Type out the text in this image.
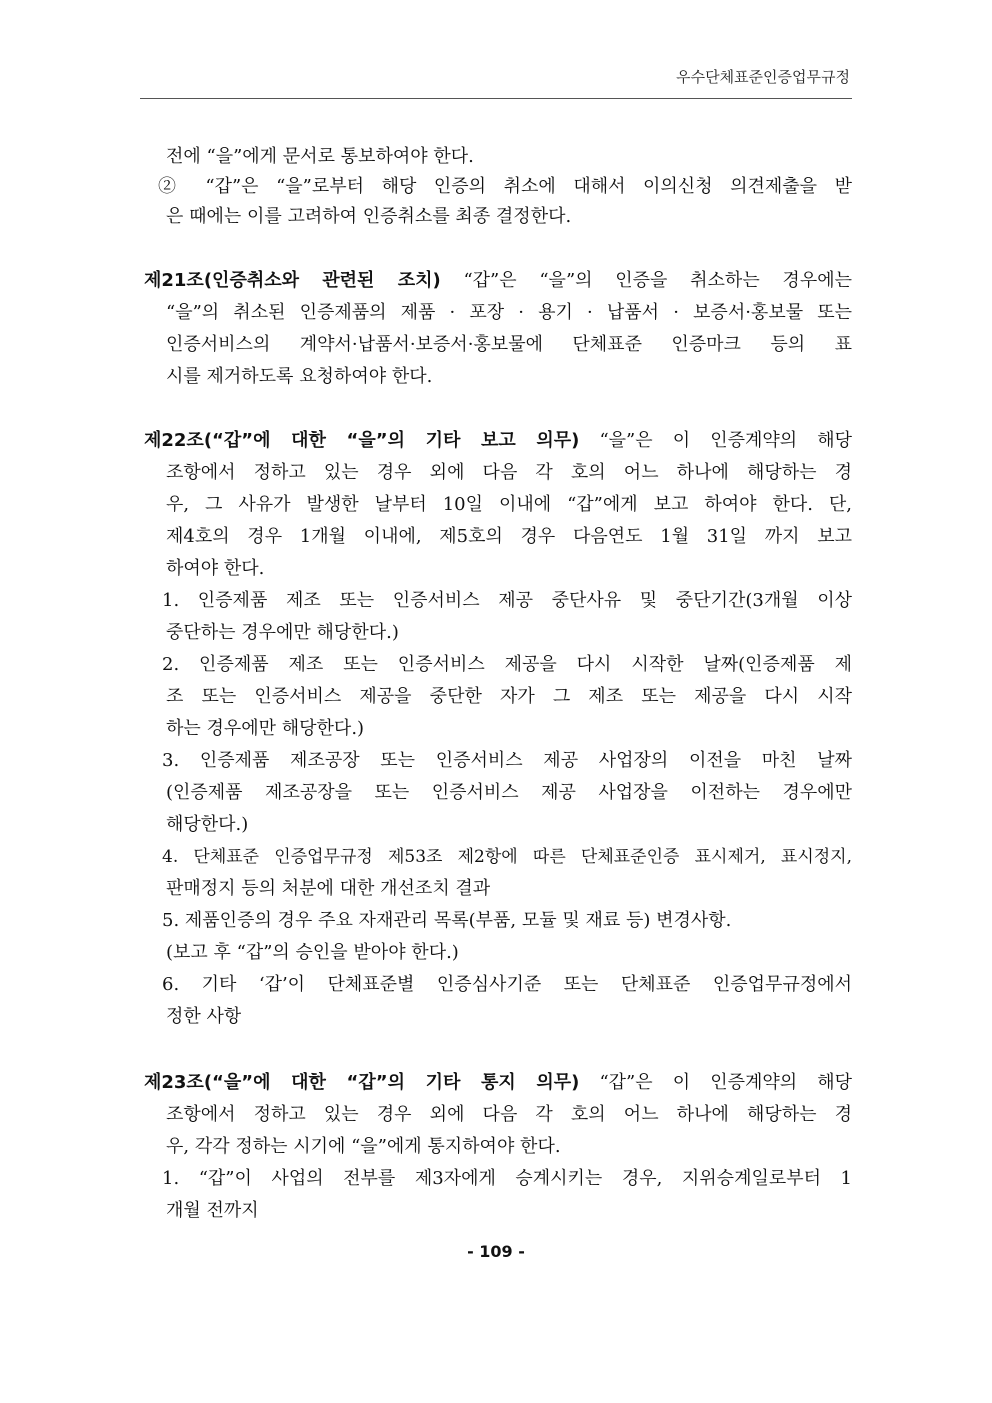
우수단체표준인증업무규정
전에 “을”에게 문서로 통보하여야 한다.
② “갑”은 “을”로부터 해당 인증의 취소에 대해서 이의신청 의견제출을 받
은 때에는 이를 고려하여 인증취소를 최종 결정한다.
제21조(인증취소와 관련된 조치) “갑”은 “을”의 인증을 취소하는 경우에는
“을”의 취소된 인증제품의 제품 · 포장 · 용기 · 납품서 · 보증서·홍보물 또는
인증서비스의 계약서·납품서·보증서·홍보물에 단체표준 인증마크 등의 표
시를 제거하도록 요청하여야 한다.
제22조(“갑”에 대한 “을”의 기타 보고 의무) “을”은 이 인증계약의 해당
조항에서 정하고 있는 경우 외에 다음 각 호의 어느 하나에 해당하는 경
우, 그 사유가 발생한 날부터 10일 이내에 “갑”에게 보고 하여야 한다. 단,
제4호의 경우 1개월 이내에, 제5호의 경우 다음연도 1월 31일 까지 보고
하여야 한다.
1. 인증제품 제조 또는 인증서비스 제공 중단사유 및 중단기간(3개월 이상
중단하는 경우에만 해당한다.)
2. 인증제품 제조 또는 인증서비스 제공을 다시 시작한 날짜(인증제품 제
조 또는 인증서비스 제공을 중단한 자가 그 제조 또는 제공을 다시 시작
하는 경우에만 해당한다.)
3. 인증제품 제조공장 또는 인증서비스 제공 사업장의 이전을 마친 날짜
(인증제품 제조공장을 또는 인증서비스 제공 사업장을 이전하는 경우에만
해당한다.)
4. 단체표준 인증업무규정 제53조 제2항에 따른 단체표준인증 표시제거, 표시정지,
판매정지 등의 처분에 대한 개선조치 결과
5. 제품인증의 경우 주요 자재관리 목록(부품, 모듈 및 재료 등) 변경사항.
(보고 후 “갑”의 승인을 받아야 한다.)
6. 기타 ‘갑’이 단체표준별 인증심사기준 또는 단체표준 인증업무규정에서
정한 사항
제23조(“을”에 대한 “갑”의 기타 통지 의무) “갑”은 이 인증계약의 해당
조항에서 정하고 있는 경우 외에 다음 각 호의 어느 하나에 해당하는 경
우, 각각 정하는 시기에 “을”에게 통지하여야 한다.
1. “갑”이 사업의 전부를 제3자에게 승계시키는 경우, 지위승계일로부터 1
개월 전까지
- 109 -
